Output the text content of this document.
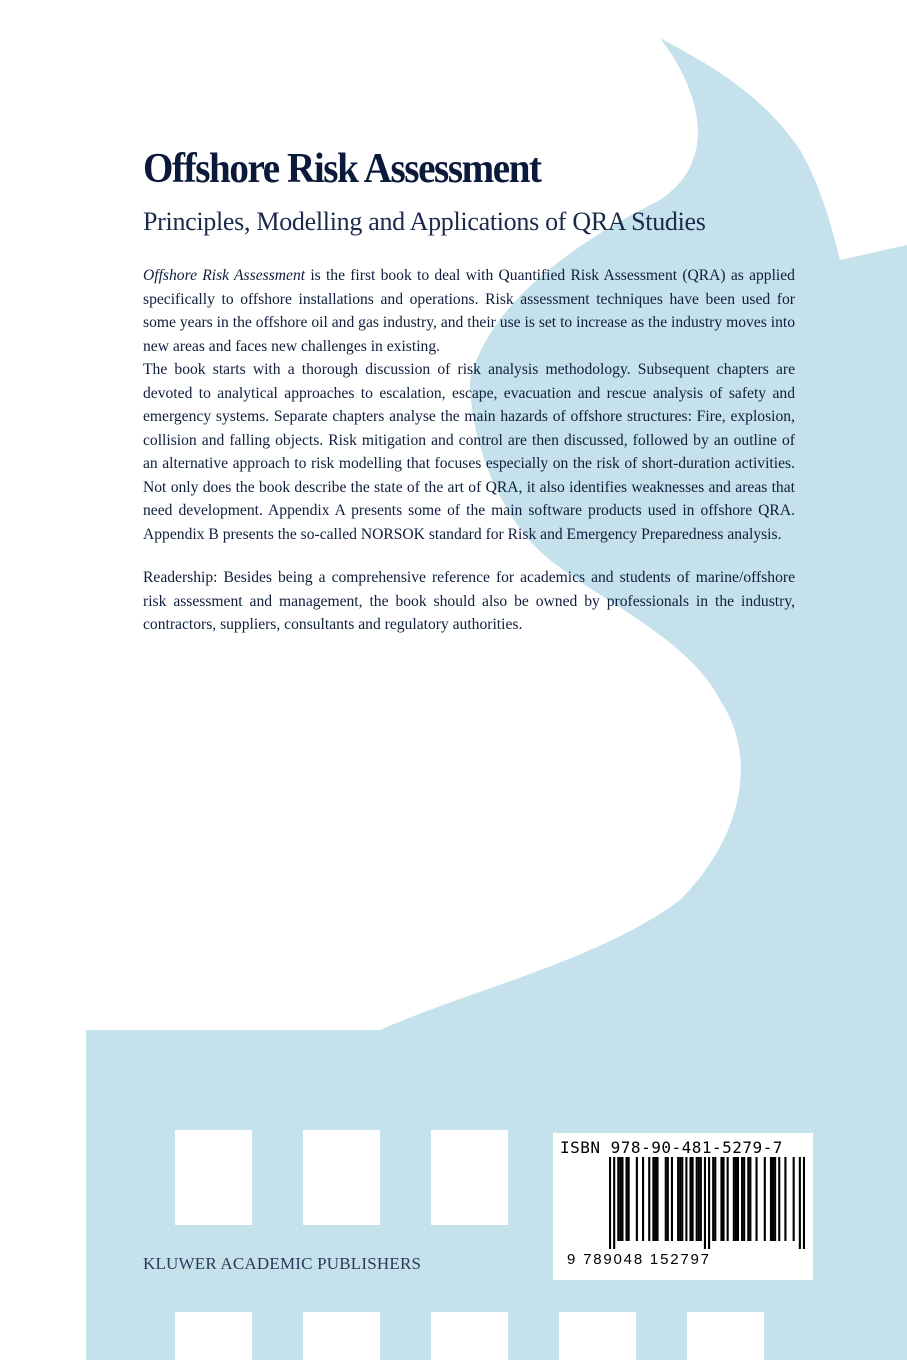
Offshore Risk Assessment
Principles, Modelling and Applications of QRA Studies

Offshore Risk Assessment is the first book to deal with Quantified Risk Assessment (QRA) as applied specifically to offshore installations and operations. Risk assessment techniques have been used for some years in the offshore oil and gas industry, and their use is set to increase as the industry moves into new areas and faces new challenges in existing.

The book starts with a thorough discussion of risk analysis methodology. Subsequent chapters are devoted to analytical approaches to escalation, escape, evacuation and rescue analysis of safety and emergency systems. Separate chapters analyse the main hazards of offshore structures: Fire, explosion, collision and falling objects. Risk mitigation and control are then discussed, followed by an outline of an alternative approach to risk modelling that focuses especially on the risk of short-duration activities. Not only does the book describe the state of the art of QRA, it also identifies weaknesses and areas that need development. Appendix A presents some of the main software products used in offshore QRA. Appendix B presents the so-called NORSOK standard for Risk and Emergency Preparedness analysis.

Readership: Besides being a comprehensive reference for academics and students of marine/offshore risk assessment and management, the book should also be owned by professionals in the industry, contractors, suppliers, consultants and regulatory authorities.

KLUWER ACADEMIC PUBLISHERS
ISBN 978-90-481-5279-7
9 789048 152797
